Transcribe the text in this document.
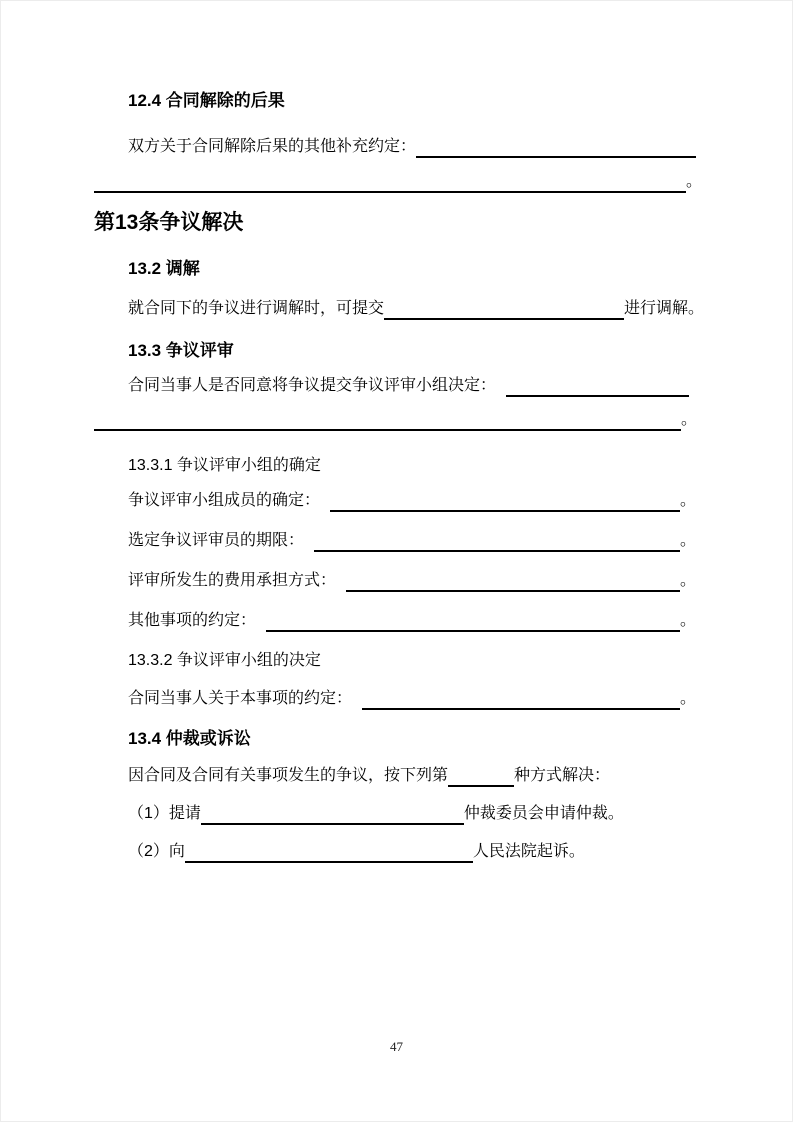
12.4 合同解除的后果
双方关于合同解除后果的其他补充约定：
。
第13条争议解决
13.2 调解
就合同下的争议进行调解时，可提交	进行调解。
13.3 争议评审
合同当事人是否同意将争议提交争议评审小组决定：
。
13.3.1 争议评审小组的确定
争议评审小组成员的确定：	。
选定争议评审员的期限：	。
评审所发生的费用承担方式：	。
其他事项的约定：	。
13.3.2 争议评审小组的决定
合同当事人关于本事项的约定：	。
13.4 仲裁或诉讼
因合同及合同有关事项发生的争议，按下列第	种方式解决：
（1）提请	仲裁委员会申请仲裁。
（2）向	人民法院起诉。
47
